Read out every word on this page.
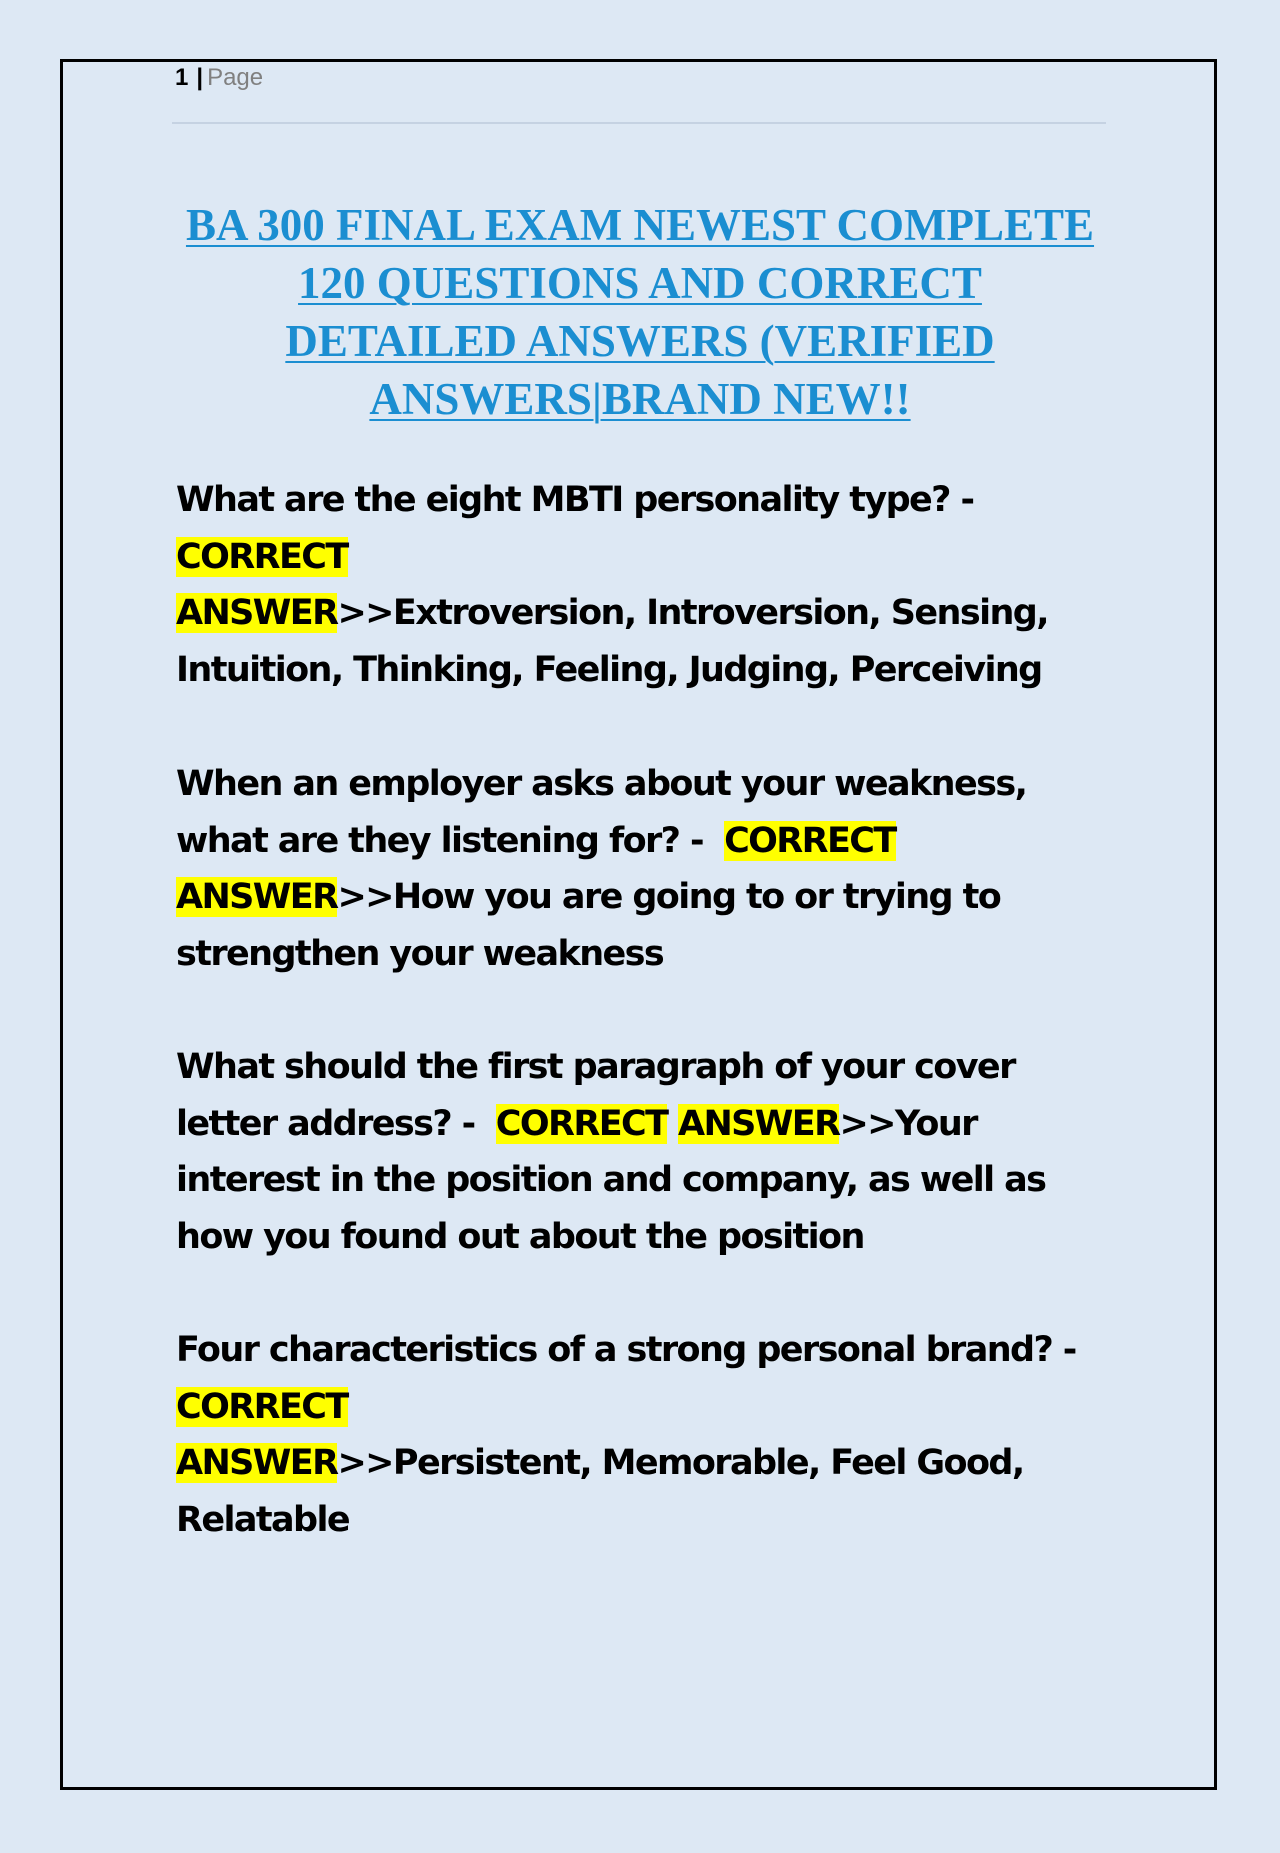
1 | Page
BA 300 FINAL EXAM NEWEST COMPLETE
120 QUESTIONS AND CORRECT
DETAILED ANSWERS (VERIFIED
ANSWERS|BRAND NEW!!
What are the eight MBTI personality type? -
CORRECT
ANSWER>>Extroversion, Introversion, Sensing,
Intuition, Thinking, Feeling, Judging, Perceiving
When an employer asks about your weakness,
what are they listening for? -  CORRECT
ANSWER>>How you are going to or trying to
strengthen your weakness
What should the first paragraph of your cover
letter address? -  CORRECT ANSWER>>Your
interest in the position and company, as well as
how you found out about the position
Four characteristics of a strong personal brand? -
CORRECT
ANSWER>>Persistent, Memorable, Feel Good,
Relatable
